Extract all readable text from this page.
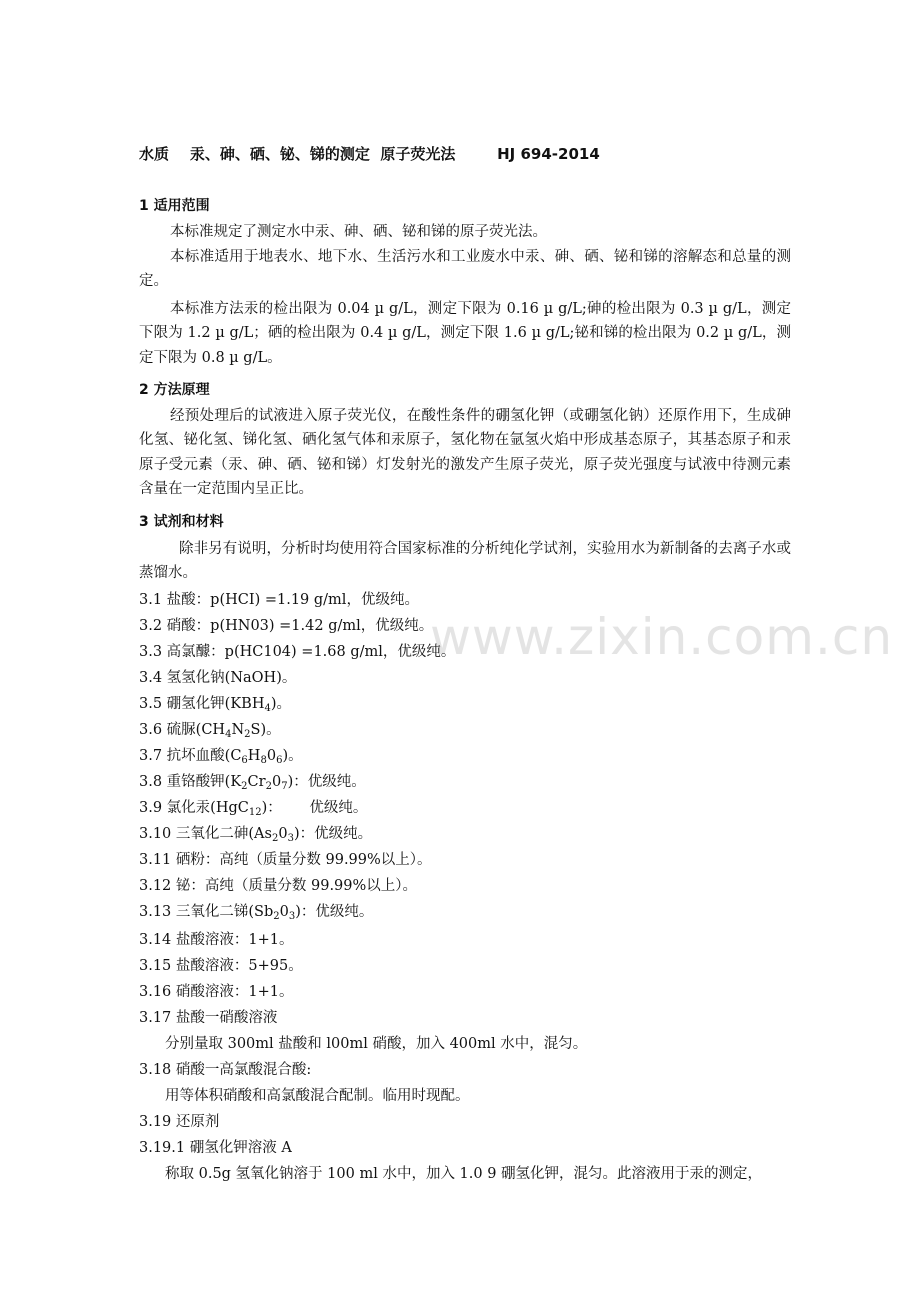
www.zixin.com.cn
水质    汞、砷、硒、铋、锑的测定  原子荧光法        HJ 694-2014
1 适用范围
本标准规定了测定水中汞、砷、硒、铋和锑的原子荧光法。
本标准适用于地表水、地下水、生活污水和工业废水中汞、砷、硒、铋和锑的溶解态和总量的测定。
本标准方法汞的检出限为 0.04 µ g/L，测定下限为 0.16 µ g/L;砷的检出限为 0.3 µ g/L，测定下限为 1.2 µ g/L；硒的检出限为 0.4 µ g/L，测定下限 1.6 µ g/L;铋和锑的检出限为 0.2 µ g/L，测定下限为 0.8 µ g/L。
2 方法原理
经预处理后的试液进入原子荧光仪，在酸性条件的硼氢化钾（或硼氢化钠）还原作用下，生成砷化氢、铋化氢、锑化氢、硒化氢气体和汞原子，氢化物在氩氢火焰中形成基态原子，其基态原子和汞原子受元素（汞、砷、硒、铋和锑）灯发射光的激发产生原子荧光，原子荧光强度与试液中待测元素含量在一定范围内呈正比。
3 试剂和材料
除非另有说明，分析时均使用符合国家标准的分析纯化学试剂，实验用水为新制备的去离子水或蒸馏水。
3.1 盐酸：p(HCI) =1.19 g/ml，优级纯。
3.2 硝酸：p(HN03) =1.42 g/ml，优级纯。
3.3 高氯醵：p(HC104) =1.68 g/ml，优级纯。
3.4 氢氢化钠(NaOH)。
3.5 硼氢化钾$(KBH_4)$。
3.6 硫脲$(CH_4N_2S)$。
3.7 抗坏血酸$(C_6H_80_6)$。
3.8 重铬酸钾$(K_2Cr_20_7)$：优级纯。
3.9 氯化汞(HgC$_{12}$)：      优级纯。
3.10 三氧化二砷$(As_20_3)$：优级纯。
3.11 硒粉：高纯（质量分数 99.99%以上）。
3.12 铋：高纯（质量分数 99.99%以上）。
3.13 三氧化二锑$(Sb_20_3)$：优级纯。
3.14 盐酸溶液：1+1。
3.15 盐酸溶液：5+95。
3.16 硝酸溶液：1+1。
3.17 盐酸一硝酸溶液
分别量取 300ml 盐酸和 l00ml 硝酸，加入 400ml 水中，混匀。
3.18 硝酸一高氯酸混合酸:
用等体积硝酸和高氯酸混合配制。临用时现配。
3.19 还原剂
3.19.1 硼氢化钾溶液 A
称取 0.5g 氢氧化钠溶于 100 ml 水中，加入 1.0 9 硼氢化钾，混匀。此溶液用于汞的测定，
